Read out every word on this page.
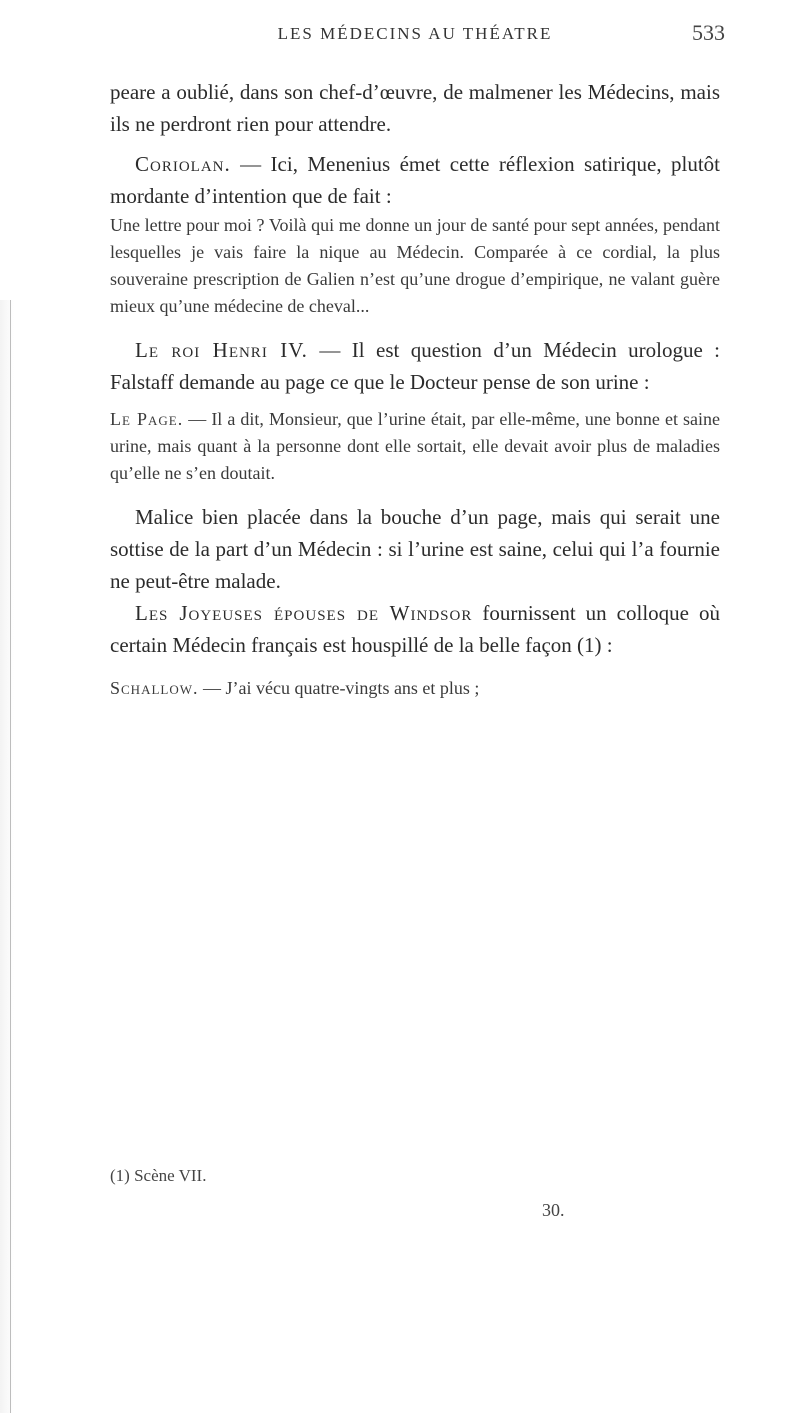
LES MÉDECINS AU THÉATRE	533

peare a oublié, dans son chef-d’œuvre, de malmener les Médecins, mais ils ne perdront rien pour attendre.

Coriolan. — Ici, Menenius émet cette réflexion satirique, plutôt mordante d’intention que de fait :

Une lettre pour moi ? Voilà qui me donne un jour de santé pour sept années, pendant lesquelles je vais faire la nique au Médecin. Comparée à ce cordial, la plus souveraine prescription de Galien n’est qu’une drogue d’empirique, ne valant guère mieux qu’une médecine de cheval...

Le roi Henri IV. — Il est question d’un Médecin urologue : Falstaff demande au page ce que le Docteur pense de son urine :

Le Page. — Il a dit, Monsieur, que l’urine était, par elle-même, une bonne et saine urine, mais quant à la personne dont elle sortait, elle devait avoir plus de maladies qu’elle ne s’en doutait.

Malice bien placée dans la bouche d’un page, mais qui serait une sottise de la part d’un Médecin : si l’urine est saine, celui qui l’a fournie ne peut-être malade.

Les Joyeuses épouses de Windsor fournissent un colloque où certain Médecin français est houspillé de la belle façon (1) :

Schallow. — J’ai vécu quatre-vingts ans et plus ;

(1) Scène VII.
30.
